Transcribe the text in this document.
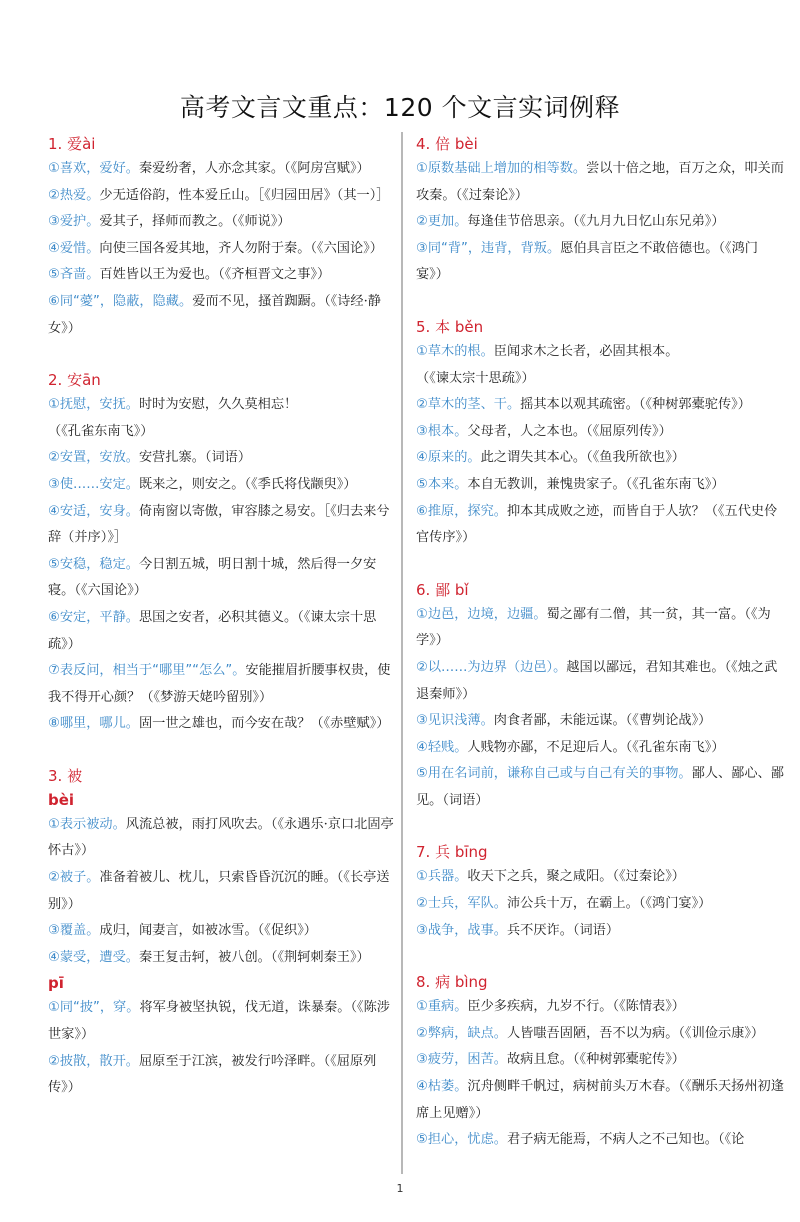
高考文言文重点：120 个文言实词例释
1. 爱ài
①喜欢，爱好。秦爱纷奢，人亦念其家。（《阿房宫赋》）
②热爱。少无适俗韵，性本爱丘山。［《归园田居》（其一）］
③爱护。爱其子，择师而教之。（《师说》）
④爱惜。向使三国各爱其地，齐人勿附于秦。（《六国论》）
⑤吝啬。百姓皆以王为爱也。（《齐桓晋文之事》）
⑥同“薆”，隐蔽，隐藏。爱而不见，搔首踟蹰。（《诗经·静女》）
2. 安ān
①抚慰，安抚。时时为安慰，久久莫相忘！（《孔雀东南飞》）
②安置，安放。安营扎寨。（词语）
③使……安定。既来之，则安之。（《季氏将伐颛臾》）
④安适，安身。倚南窗以寄傲，审容膝之易安。［《归去来兮辞（并序）》］
⑤安稳，稳定。今日割五城，明日割十城，然后得一夕安寝。（《六国论》）
⑥安定，平静。思国之安者，必积其德义。（《谏太宗十思疏》）
⑦表反问，相当于“哪里”“怎么”。安能摧眉折腰事权贵，使我不得开心颜？（《梦游天姥吟留别》）
⑧哪里，哪儿。固一世之雄也，而今安在哉？（《赤壁赋》）
3. 被
bèi
①表示被动。风流总被，雨打风吹去。（《永遇乐·京口北固亭怀古》）
②被子。准备着被儿、枕儿，只索昏昏沉沉的睡。（《长亭送别》）
③覆盖。成归，闻妻言，如被冰雪。（《促织》）
④蒙受，遭受。秦王复击轲，被八创。（《荆轲刺秦王》）
pī
①同“披”，穿。将军身被坚执锐，伐无道，诛暴秦。（《陈涉世家》）
②披散，散开。屈原至于江滨，被发行吟泽畔。（《屈原列传》）
4. 倍 bèi
①原数基础上增加的相等数。尝以十倍之地，百万之众，叩关而攻秦。（《过秦论》）
②更加。每逢佳节倍思亲。（《九月九日忆山东兄弟》）
③同“背”，违背，背叛。愿伯具言臣之不敢倍德也。（《鸿门宴》）
5. 本 běn
①草木的根。臣闻求木之长者，必固其根本。（《谏太宗十思疏》）
②草木的茎、干。摇其本以观其疏密。（《种树郭橐驼传》）
③根本。父母者，人之本也。（《屈原列传》）
④原来的。此之谓失其本心。（《鱼我所欲也》）
⑤本来。本自无教训，兼愧贵家子。（《孔雀东南飞》）
⑥推原，探究。抑本其成败之迹，而皆自于人欤？（《五代史伶官传序》）
6. 鄙 bǐ
①边邑，边境，边疆。蜀之鄙有二僧，其一贫，其一富。（《为学》）
②以……为边界（边邑）。越国以鄙远，君知其难也。（《烛之武退秦师》）
③见识浅薄。肉食者鄙，未能远谋。（《曹刿论战》）
④轻贱。人贱物亦鄙，不足迎后人。（《孔雀东南飞》）
⑤用在名词前，谦称自己或与自己有关的事物。鄙人、鄙心、鄙见。（词语）
7. 兵 bīng
①兵器。收天下之兵，聚之咸阳。（《过秦论》）
②士兵，军队。沛公兵十万，在霸上。（《鸿门宴》）
③战争，战事。兵不厌诈。（词语）
8. 病 bìng
①重病。臣少多疾病，九岁不行。（《陈情表》）
②弊病，缺点。人皆嗤吾固陋，吾不以为病。（《训俭示康》）
③疲劳，困苦。故病且怠。（《种树郭橐驼传》）
④枯萎。沉舟侧畔千帆过，病树前头万木春。（《酬乐天扬州初逢席上见赠》）
⑤担心，忧虑。君子病无能焉，不病人之不己知也。（《论
1
